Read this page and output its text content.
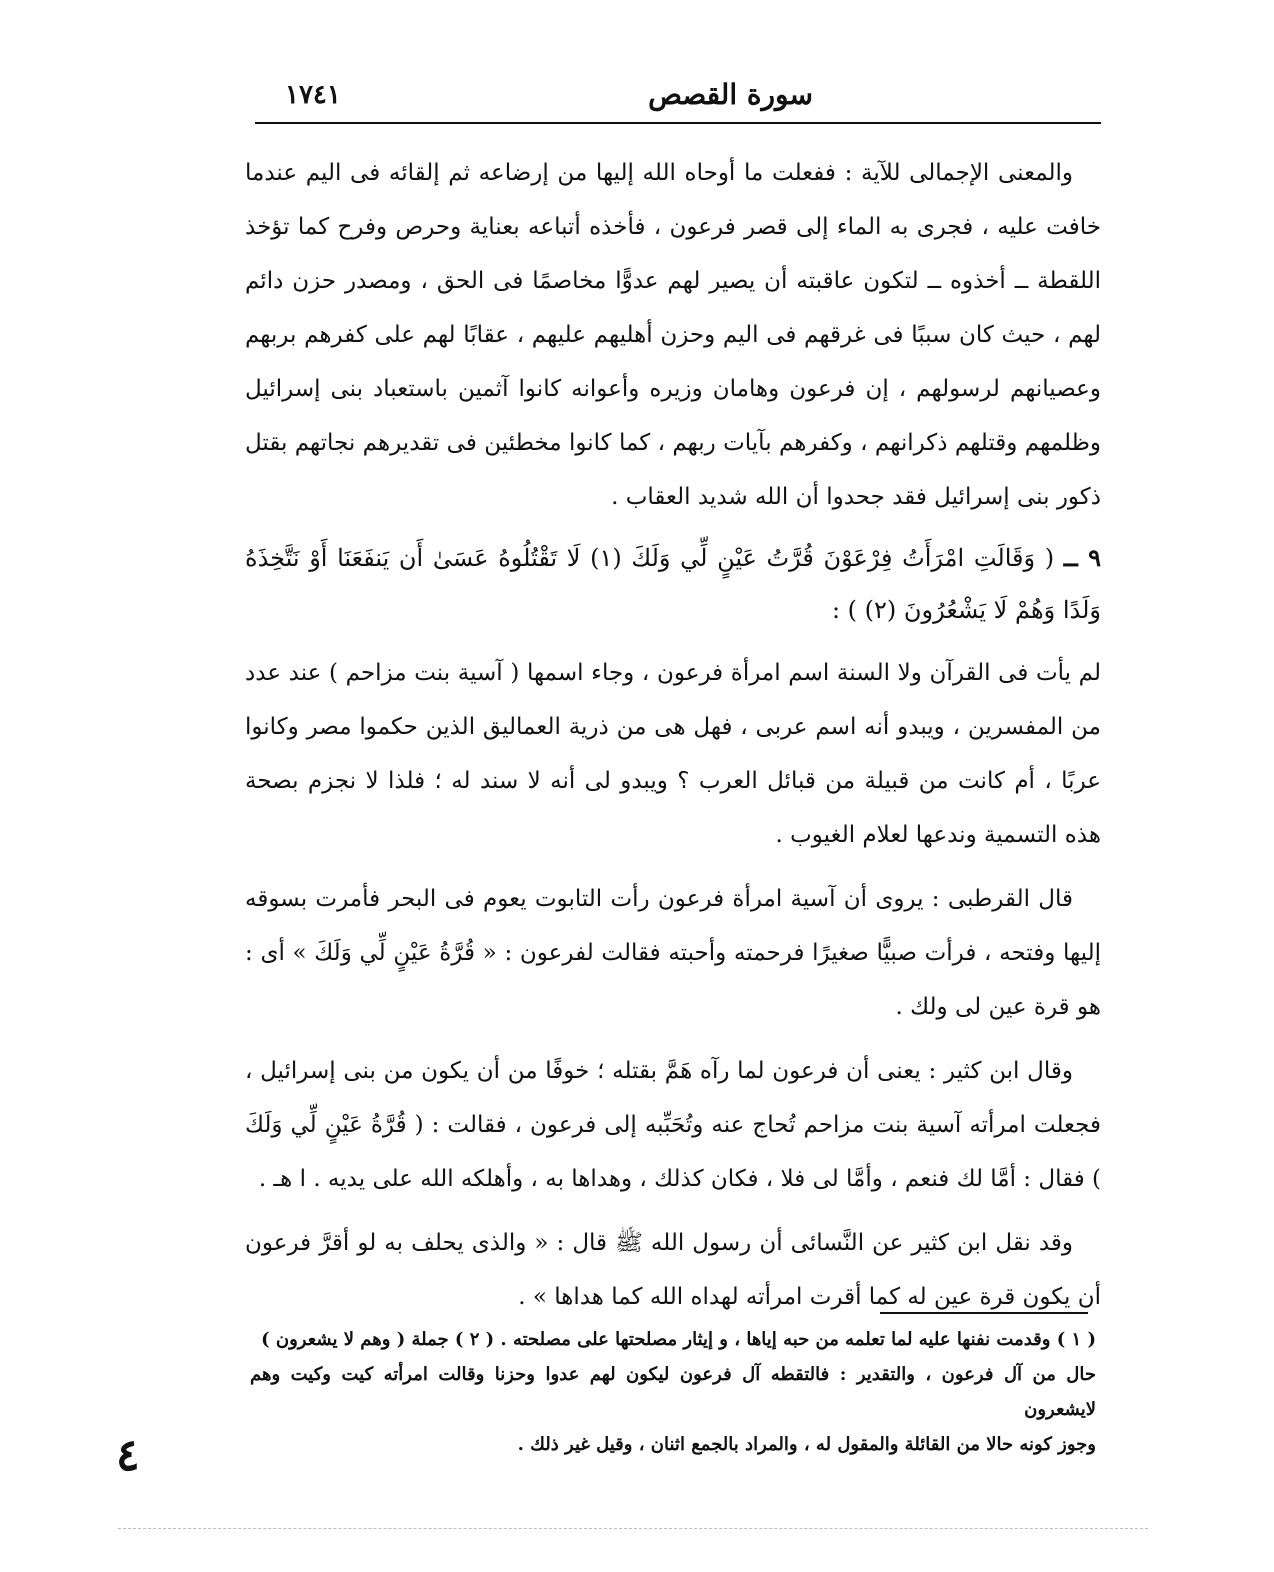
سورة القصص
١٧٤١

والمعنى الإجمالى للآية : ففعلت ما أوحاه الله إليها من إرضاعه ثم إلقائه فى اليم عندما خافت عليه ، فجرى به الماء إلى قصر فرعون ، فأخذه أتباعه بعناية وحرص وفرح كما تؤخذ اللقطة ــ أخذوه ــ لتكون عاقبته أن يصير لهم عدوًّا مخاصمًا فى الحق ، ومصدر حزن دائم لهم ، حيث كان سببًا فى غرقهم فى اليم وحزن أهليهم عليهم ، عقابًا لهم على كفرهم بربهم وعصيانهم لرسولهم ، إن فرعون وهامان وزيره وأعوانه كانوا آثمين باستعباد بنى إسرائيل وظلمهم وقتلهم ذكرانهم ، وكفرهم بآيات ربهم ، كما كانوا مخطئين فى تقديرهم نجاتهم بقتل ذكور بنى إسرائيل فقد جحدوا أن الله شديد العقاب .

٩ ــ ( وَقَالَتِ امْرَأَتُ فِرْعَوْنَ قُرَّتُ عَيْنٍ لِّي وَلَكَ (١) لَا تَقْتُلُوهُ عَسَىٰ أَن يَنفَعَنَا أَوْ نَتَّخِذَهُ وَلَدًا وَهُمْ لَا يَشْعُرُونَ (٢) ) :

لم يأت فى القرآن ولا السنة اسم امرأة فرعون ، وجاء اسمها ( آسية بنت مزاحم ) عند عدد من المفسرين ، ويبدو أنه اسم عربى ، فهل هى من ذرية العماليق الذين حكموا مصر وكانوا عربًا ، أم كانت من قبيلة من قبائل العرب ؟ ويبدو لى أنه لا سند له ؛ فلذا لا نجزم بصحة هذه التسمية وندعها لعلام الغيوب .

قال القرطبى : يروى أن آسية امرأة فرعون رأت التابوت يعوم فى البحر فأمرت بسوقه إليها وفتحه ، فرأت صبيًّا صغيرًا فرحمته وأحبته فقالت لفرعون : « قُرَّةُ عَيْنٍ لِّي وَلَكَ » أى : هو قرة عين لى ولك .

وقال ابن كثير : يعنى أن فرعون لما رآه هَمَّ بقتله ؛ خوفًا من أن يكون من بنى إسرائيل ، فجعلت امرأته آسية بنت مزاحم تُحاج عنه وتُحَبِّبه إلى فرعون ، فقالت : ( قُرَّةُ عَيْنٍ لِّي وَلَكَ ) فقال : أمَّا لك فنعم ، وأمَّا لى فلا ، فكان كذلك ، وهداها به ، وأهلكه الله على يديه . ا هـ .

وقد نقل ابن كثير عن النَّسائى أن رسول الله ﷺ قال : « والذى يحلف به لو أقرَّ فرعون أن يكون قرة عين له كما أقرت امرأته لهداه الله كما هداها » .

( ١ ) وقدمت نفنها عليه لما تعلمه من حبه إياها ، و إيثار مصلحتها على مصلحته . ( ٢ ) جملة ( وهم لا يشعرون )

حال من آل فرعون ، والتقدير : فالتقطه آل فرعون ليكون لهم عدوا وحزنا وقالت امرأته كيت وكيت وهم لايشعرون

وجوز كونه حالا من القائلة والمقول له ، والمراد بالجمع اثنان ، وقيل غير ذلك .

٤
